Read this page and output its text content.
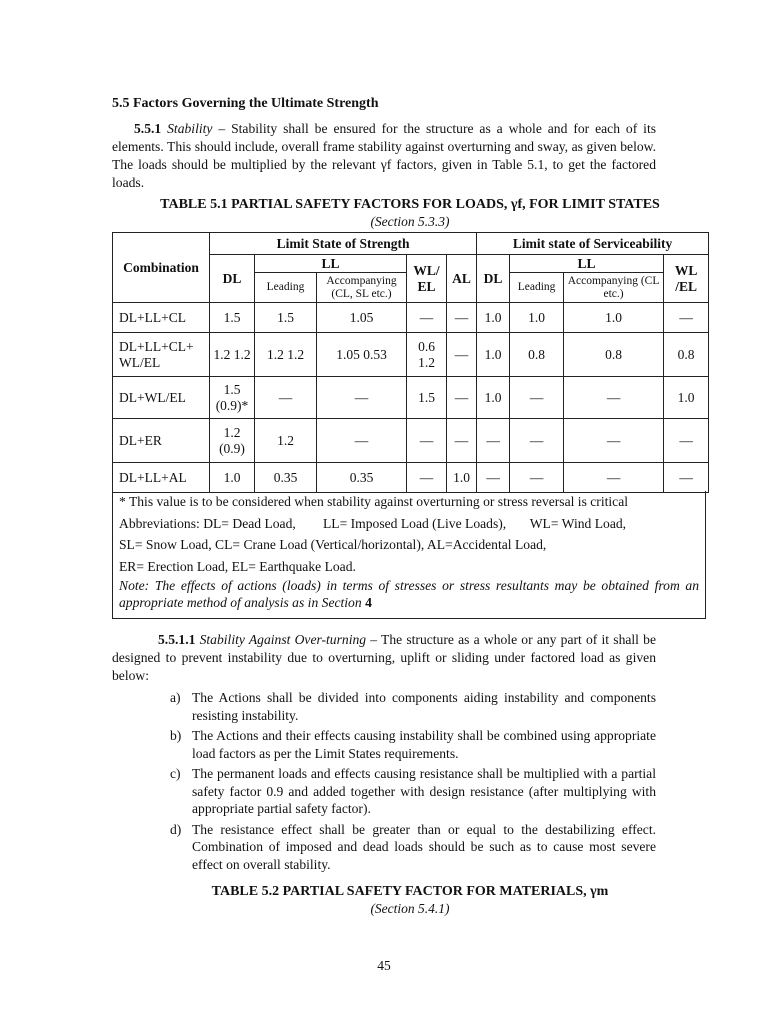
5.5 Factors Governing the Ultimate Strength
5.5.1 Stability – Stability shall be ensured for the structure as a whole and for each of its elements. This should include, overall frame stability against overturning and sway, as given below. The loads should be multiplied by the relevant γf factors, given in Table 5.1, to get the factored loads.
TABLE 5.1 PARTIAL SAFETY FACTORS FOR LOADS, γf, FOR LIMIT STATES
(Section 5.3.3)
Combination	Limit State of Strength					Limit state of Serviceability			
	DL	LL		WL/ EL	AL	DL	LL		WL /EL
		Leading	Accompanying (CL, SL etc.)				Leading	Accompanying (CL etc.)	
DL+LL+CL	1.5	1.5	1.05	—	—	1.0	1.0	1.0	—
DL+LL+CL+ WL/EL	1.2 1.2	1.2 1.2	1.05 0.53	0.6 1.2	—	1.0	0.8	0.8	0.8
DL+WL/EL	1.5 (0.9)*	—	—	1.5	—	1.0	—	—	1.0
DL+ER	1.2 (0.9)	1.2	—	—	—	—	—	—	—
DL+LL+AL	1.0	0.35	0.35	—	1.0	—	—	—	—
* This value is to be considered when stability against overturning or stress reversal is critical
Abbreviations: DL= Dead Load,        LL= Imposed Load (Live Loads),       WL= Wind Load,
SL= Snow Load, CL= Crane Load (Vertical/horizontal), AL=Accidental Load,
ER= Erection Load, EL= Earthquake Load.
Note: The effects of actions (loads) in terms of stresses or stress resultants may be obtained from an appropriate method of analysis as in Section 4
5.5.1.1 Stability Against Over-turning – The structure as a whole or any part of it shall be designed to prevent instability due to overturning, uplift or sliding under factored load as given below:
a) The Actions shall be divided into components aiding instability and components resisting instability.
b) The Actions and their effects causing instability shall be combined using appropriate load factors as per the Limit States requirements.
c) The permanent loads and effects causing resistance shall be multiplied with a partial safety factor 0.9 and added together with design resistance (after multiplying with appropriate partial safety factor).
d) The resistance effect shall be greater than or equal to the destabilizing effect. Combination of imposed and dead loads should be such as to cause most severe effect on overall stability.
TABLE 5.2 PARTIAL SAFETY FACTOR FOR MATERIALS, γm
(Section 5.4.1)
45
